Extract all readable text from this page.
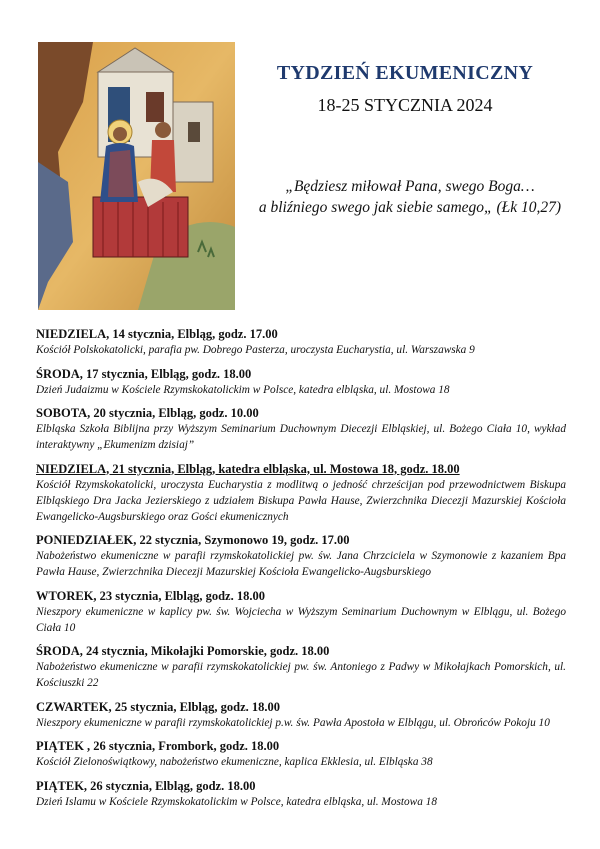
TYDZIEŃ EKUMENICZNY
18-25 STYCZNIA 2024
„Będziesz miłował Pana, swego Boga…
a bliźniego swego jak siebie samego„ (Łk 10,27)
NIEDZIELA, 14 stycznia, Elbląg, godz. 17.00
Kościół Polskokatolicki, parafia pw. Dobrego Pasterza, uroczysta Eucharystia, ul. Warszawska 9
ŚRODA, 17 stycznia, Elbląg, godz. 18.00
Dzień Judaizmu w Kościele Rzymskokatolickim w Polsce, katedra elbląska, ul. Mostowa 18
SOBOTA, 20 stycznia, Elbląg, godz. 10.00
Elbląska Szkoła Biblijna przy Wyższym Seminarium Duchownym Diecezji Elbląskiej, ul. Bożego Ciała 10, wykład interaktywny „Ekumenizm dzisiaj”
NIEDZIELA, 21 stycznia, Elbląg, katedra elbląska, ul. Mostowa 18, godz. 18.00
Kościół Rzymskokatolicki, uroczysta Eucharystia z modlitwą o jedność chrześcijan pod przewodnictwem Biskupa Elbląskiego Dra Jacka Jezierskiego z udziałem Biskupa Pawła Hause, Zwierzchnika Diecezji Mazurskiej Kościoła Ewangelicko-Augsburskiego oraz Gości ekumenicznych
PONIEDZIAŁEK, 22 stycznia, Szymonowo 19, godz. 17.00
Nabożeństwo ekumeniczne w parafii rzymskokatolickiej pw. św. Jana Chrzciciela w Szymonowie z kazaniem Bpa Pawła Hause, Zwierzchnika Diecezji Mazurskiej Kościoła Ewangelicko-Augsburskiego
WTOREK, 23 stycznia, Elbląg, godz. 18.00
Nieszpory ekumeniczne w kaplicy pw. św. Wojciecha w Wyższym Seminarium Duchownym w Elblągu, ul. Bożego Ciała 10
ŚRODA, 24 stycznia, Mikołajki Pomorskie, godz. 18.00
Nabożeństwo ekumeniczne w parafii rzymskokatolickiej pw. św. Antoniego z Padwy w Mikołajkach Pomorskich, ul. Kościuszki 22
CZWARTEK, 25 stycznia, Elbląg, godz. 18.00
Nieszpory ekumeniczne w parafii rzymskokatolickiej p.w. św. Pawła Apostoła w Elblągu, ul. Obrońców Pokoju 10
PIĄTEK , 26 stycznia, Frombork, godz. 18.00
Kościół Zielonoświątkowy, nabożeństwo ekumeniczne, kaplica Ekklesia, ul. Elbląska 38
PIĄTEK, 26 stycznia, Elbląg, godz. 18.00
Dzień Islamu w Kościele Rzymskokatolickim w Polsce, katedra elbląska, ul. Mostowa 18
